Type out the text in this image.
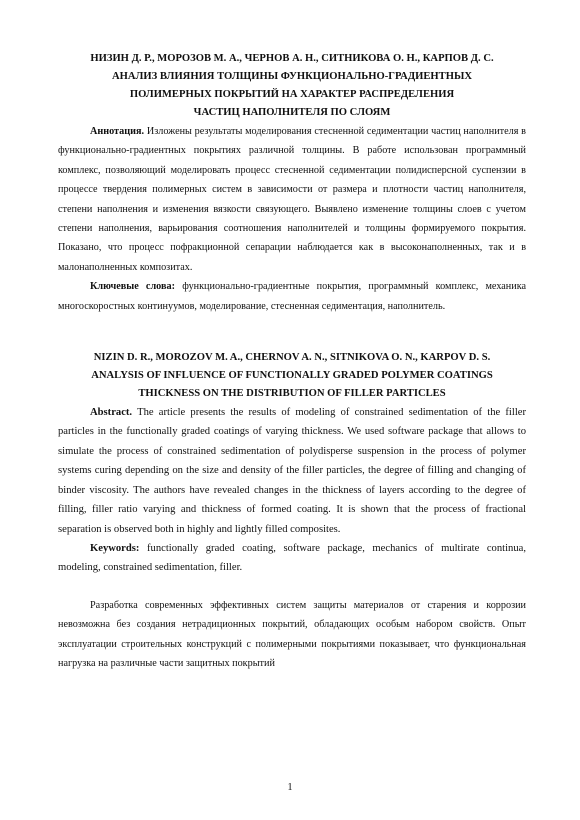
НИЗИН Д. Р., МОРОЗОВ М. А., ЧЕРНОВ А. Н., СИТНИКОВА О. Н., КАРПОВ Д. С.
АНАЛИЗ ВЛИЯНИЯ ТОЛЩИНЫ ФУНКЦИОНАЛЬНО-ГРАДИЕНТНЫХ
ПОЛИМЕРНЫХ ПОКРЫТИЙ НА ХАРАКТЕР РАСПРЕДЕЛЕНИЯ
ЧАСТИЦ НАПОЛНИТЕЛЯ ПО СЛОЯМ

Аннотация. Изложены результаты моделирования стесненной седиментации частиц наполнителя в функционально-градиентных покрытиях различной толщины. В работе использован программный комплекс, позволяющий моделировать процесс стесненной седиментации полидисперсной суспензии в процессе твердения полимерных систем в зависимости от размера и плотности частиц наполнителя, степени наполнения и изменения вязкости связующего. Выявлено изменение толщины слоев с учетом степени наполнения, варьирования соотношения наполнителей и толщины формируемого покрытия. Показано, что процесс пофракционной сепарации наблюдается как в высоконаполненных, так и в малонаполненных композитах.

Ключевые слова: функционально-градиентные покрытия, программный комплекс, механика многоскоростных континуумов, моделирование, стесненная седиментация, наполнитель.

NIZIN D. R., MOROZOV M. A., CHERNOV A. N., SITNIKOVA O. N., KARPOV D. S.
ANALYSIS OF INFLUENCE OF FUNCTIONALLY GRADED POLYMER COATINGS
THICKNESS ON THE DISTRIBUTION OF FILLER PARTICLES

Abstract. The article presents the results of modeling of constrained sedimentation of the filler particles in the functionally graded coatings of varying thickness. We used software package that allows to simulate the process of constrained sedimentation of polydisperse suspension in the process of polymer systems curing depending on the size and density of the filler particles, the degree of filling and changing of binder viscosity. The authors have revealed changes in the thickness of layers according to the degree of filling, filler ratio varying and thickness of formed coating. It is shown that the process of fractional separation is observed both in highly and lightly filled composites.

Keywords: functionally graded coating, software package, mechanics of multirate continua, modeling, constrained sedimentation, filler.

Разработка современных эффективных систем защиты материалов от старения и коррозии невозможна без создания нетрадиционных покрытий, обладающих особым набором свойств. Опыт эксплуатации строительных конструкций с полимерными покрытиями показывает, что функциональная нагрузка на различные части защитных покрытий

1
